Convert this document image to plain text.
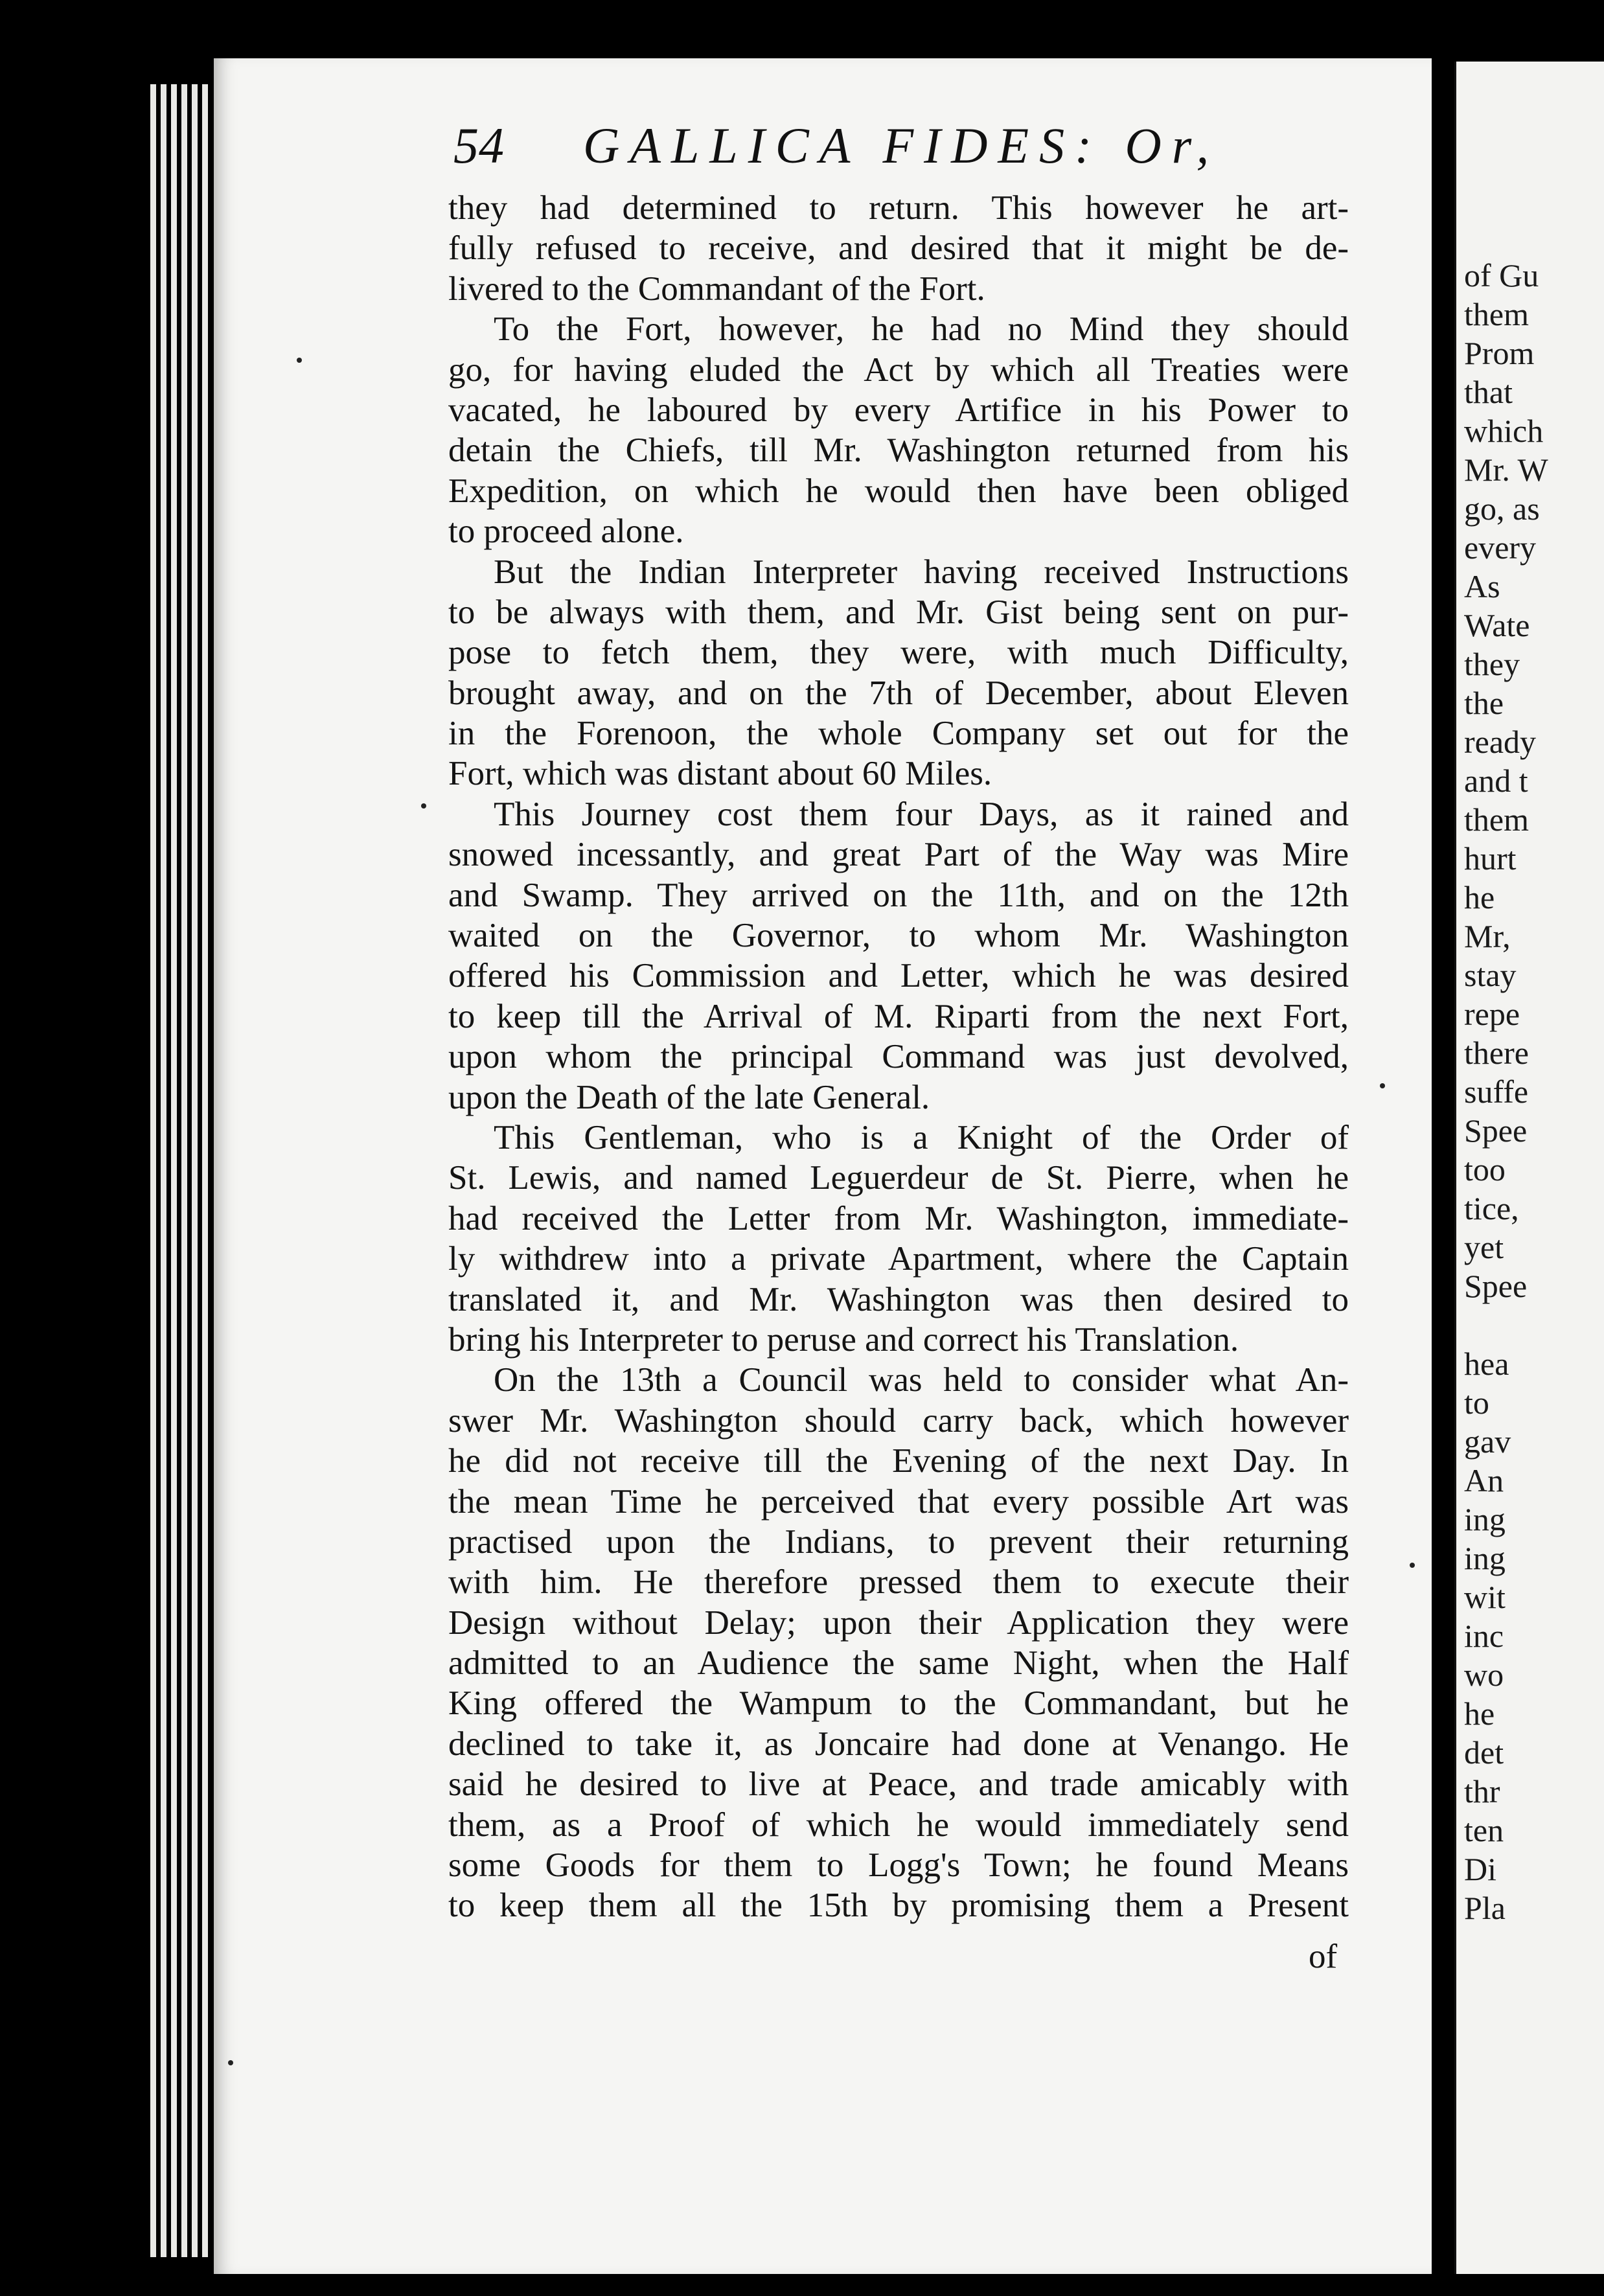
54 GALLICA FIDES: Or,
they had determined to return. This however he art-
fully refused to receive, and desired that it might be de-
livered to the Commandant of the Fort.
To the Fort, however, he had no Mind they should
go, for having eluded the Act by which all Treaties were
vacated, he laboured by every Artifice in his Power to
detain the Chiefs, till Mr. Washington returned from his
Expedition, on which he would then have been obliged
to proceed alone.
But the Indian Interpreter having received Instructions
to be always with them, and Mr. Gist being sent on pur-
pose to fetch them, they were, with much Difficulty,
brought away, and on the 7th of December, about Eleven
in the Forenoon, the whole Company set out for the
Fort, which was distant about 60 Miles.
This Journey cost them four Days, as it rained and
snowed incessantly, and great Part of the Way was Mire
and Swamp. They arrived on the 11th, and on the 12th
waited on the Governor, to whom Mr. Washington
offered his Commission and Letter, which he was desired
to keep till the Arrival of M. Riparti from the next Fort,
upon whom the principal Command was just devolved,
upon the Death of the late General.
This Gentleman, who is a Knight of the Order of
St. Lewis, and named Leguerdeur de St. Pierre, when he
had received the Letter from Mr. Washington, immediate-
ly withdrew into a private Apartment, where the Captain
translated it, and Mr. Washington was then desired to
bring his Interpreter to peruse and correct his Translation.
On the 13th a Council was held to consider what An-
swer Mr. Washington should carry back, which however
he did not receive till the Evening of the next Day. In
the mean Time he perceived that every possible Art was
practised upon the Indians, to prevent their returning
with him. He therefore pressed them to execute their
Design without Delay; upon their Application they were
admitted to an Audience the same Night, when the Half
King offered the Wampum to the Commandant, but he
declined to take it, as Joncaire had done at Venango. He
said he desired to live at Peace, and trade amicably with
them, as a Proof of which he would immediately send
some Goods for them to Logg's Town; he found Means
to keep them all the 15th by promising them a Present
of
of Gu
them
Prom
that
which
Mr. W
go, as
every
As
Wate
they
the
ready
and t
them
hurt
he
Mr,
stay
repe
there
suffe
Spee
too
tice,
yet
Spee
hea
to
gav
An
ing
ing
wit
inc
wo
he
det
thr
ten
Di
Pla
